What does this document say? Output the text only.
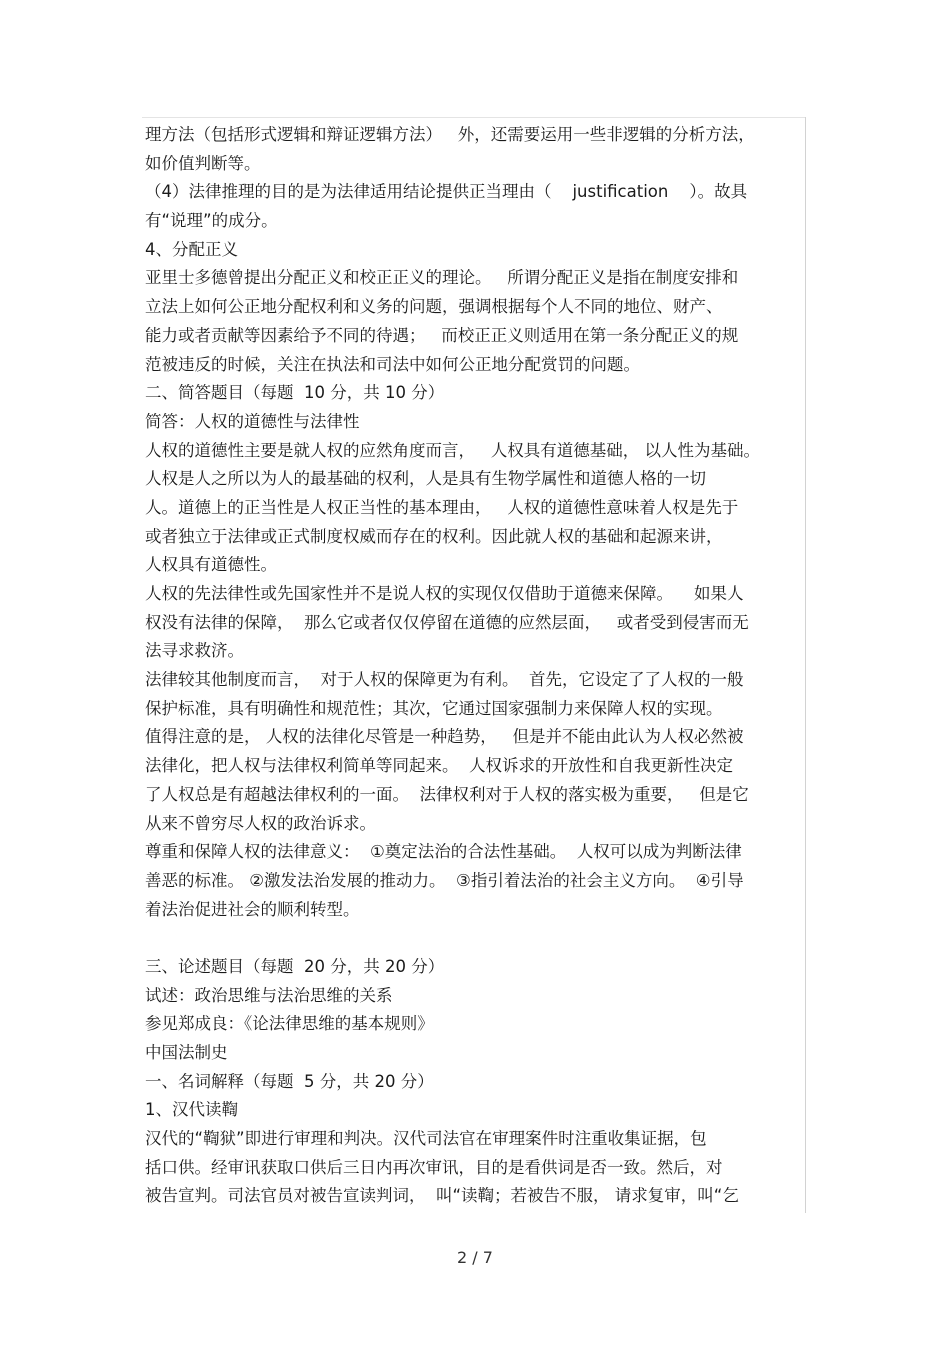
理方法（包括形式逻辑和辩证逻辑方法）   外，还需要运用一些非逻辑的分析方法，
如价值判断等。
（4）法律推理的目的是为法律适用结论提供正当理由（    justification    ）。故具
有“说理”的成分。
4、分配正义
亚里士多德曾提出分配正义和校正正义的理论。   所谓分配正义是指在制度安排和
立法上如何公正地分配权利和义务的问题，强调根据每个人不同的地位、财产、
能力或者贡献等因素给予不同的待遇；   而校正正义则适用在第一条分配正义的规
范被违反的时候，关注在执法和司法中如何公正地分配赏罚的问题。
二、简答题目（每题  10 分，共 10 分）
简答：人权的道德性与法律性
人权的道德性主要是就人权的应然角度而言，   人权具有道德基础， 以人性为基础。
人权是人之所以为人的最基础的权利，人是具有生物学属性和道德人格的一切
人。道德上的正当性是人权正当性的基本理由，   人权的道德性意味着人权是先于
或者独立于法律或正式制度权威而存在的权利。因此就人权的基础和起源来讲，
人权具有道德性。
人权的先法律性或先国家性并不是说人权的实现仅仅借助于道德来保障。    如果人
权没有法律的保障，  那么它或者仅仅停留在道德的应然层面，   或者受到侵害而无
法寻求救济。
法律较其他制度而言，  对于人权的保障更为有利。  首先，它设定了了人权的一般
保护标准，具有明确性和规范性；其次，它通过国家强制力来保障人权的实现。
值得注意的是， 人权的法律化尽管是一种趋势，   但是并不能由此认为人权必然被
法律化，把人权与法律权利简单等同起来。  人权诉求的开放性和自我更新性决定
了人权总是有超越法律权利的一面。  法律权利对于人权的落实极为重要，   但是它
从来不曾穷尽人权的政治诉求。
尊重和保障人权的法律意义：  ①奠定法治的合法性基础。  人权可以成为判断法律
善恶的标准。 ②激发法治发展的推动力。  ③指引着法治的社会主义方向。  ④引导
着法治促进社会的顺利转型。
三、论述题目（每题  20 分，共 20 分）
试述：政治思维与法治思维的关系
参见郑成良：《论法律思维的基本规则》
中国法制史
一、名词解释（每题  5 分，共 20 分）
1、汉代读鞫
汉代的“鞫狱”即进行审理和判决。汉代司法官在审理案件时注重收集证据，包
括口供。经审讯获取口供后三日内再次审讯，目的是看供词是否一致。然后，对
被告宣判。司法官员对被告宣读判词，  叫“读鞫；若被告不服， 请求复审，叫“乞
2 / 7
